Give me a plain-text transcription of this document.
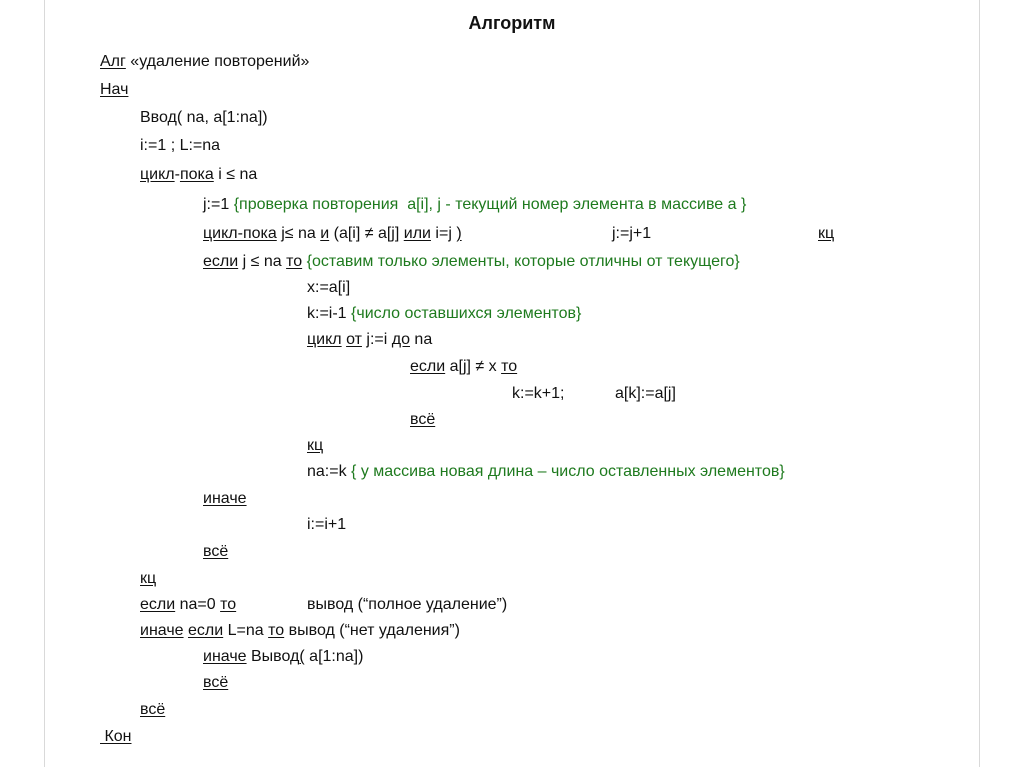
Алгоритм
Алг «удаление повторений»
Нач
Ввод( na, a[1:na])
i:=1 ; L:=na
цикл-пока i ≤ na
j:=1 {проверка повторения  a[i], j - текущий номер элемента в массиве a }
цикл-пока j≤ na и (a[i] ≠ a[j] или i=j )	j:=j+1	кц
если j ≤ na то {оставим только элементы, которые отличны от текущего}
x:=a[i]
k:=i-1 {число оставшихся элементов}
цикл от j:=i до na
если a[j] ≠ x то
k:=k+1;	a[k]:=a[j]
всё
кц
na:=k { у массива новая длина – число оставленных элементов}
иначе
i:=i+1
всё
кц
если na=0 то	вывод (“полное удаление”)
иначе если L=na то вывод (“нет удаления”)
иначе Вывод( a[1:na])
всё
всё
Кон
